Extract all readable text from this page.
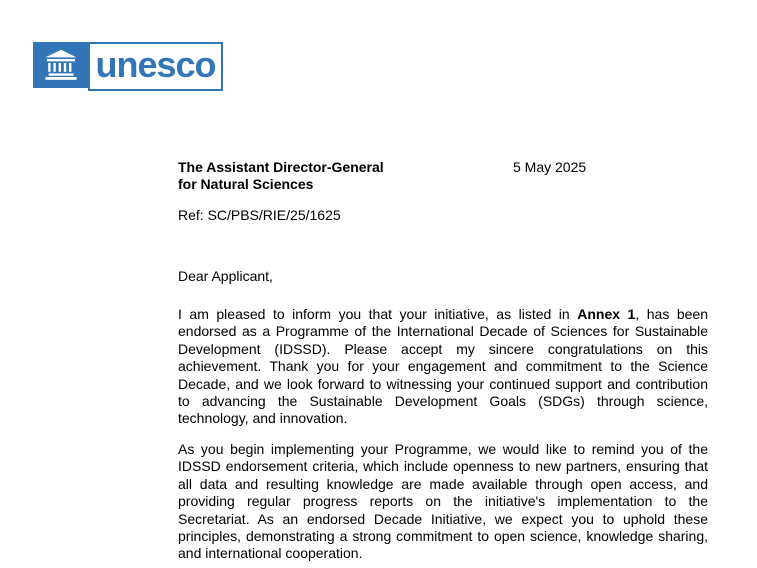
unesco
The Assistant Director-General
for Natural Sciences
5 May 2025
Ref: SC/PBS/RIE/25/1625
Dear Applicant,

I am pleased to inform you that your initiative, as listed in Annex 1, has been endorsed as a Programme of the International Decade of Sciences for Sustainable Development (IDSSD). Please accept my sincere congratulations on this achievement. Thank you for your engagement and commitment to the Science Decade, and we look forward to witnessing your continued support and contribution to advancing the Sustainable Development Goals (SDGs) through science, technology, and innovation.

As you begin implementing your Programme, we would like to remind you of the IDSSD endorsement criteria, which include openness to new partners, ensuring that all data and resulting knowledge are made available through open access, and providing regular progress reports on the initiative's implementation to the Secretariat. As an endorsed Decade Initiative, we expect you to uphold these principles, demonstrating a strong commitment to open science, knowledge sharing, and international cooperation.
